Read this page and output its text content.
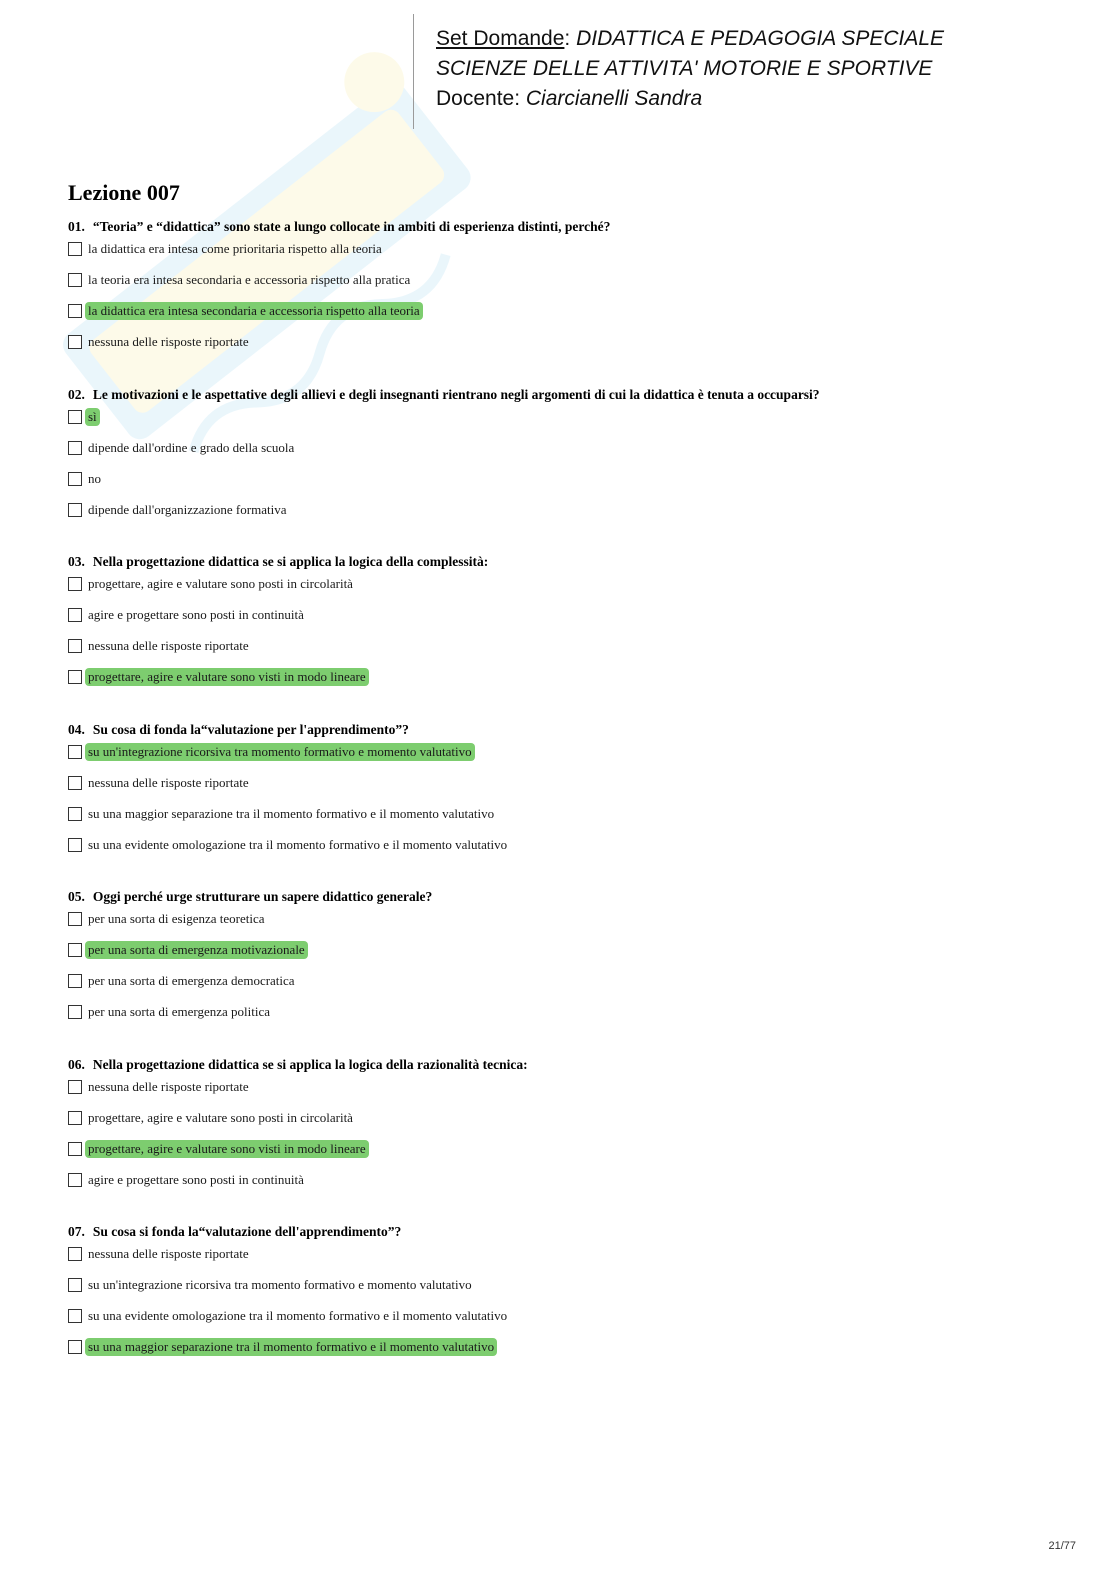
Set Domande: DIDATTICA E PEDAGOGIA SPECIALE
SCIENZE DELLE ATTIVITA' MOTORIE E SPORTIVE
Docente: Ciarcianelli Sandra
Lezione 007
01. “Teoria” e “didattica” sono state a lungo collocate in ambiti di esperienza distinti, perché?
la didattica era intesa come prioritaria rispetto alla teoria
la teoria era intesa secondaria e accessoria rispetto alla pratica
la didattica era intesa secondaria e accessoria rispetto alla teoria
nessuna delle risposte riportate
02. Le motivazioni e le aspettative degli allievi e degli insegnanti rientrano negli argomenti di cui la didattica è tenuta a occuparsi?
sì
dipende dall'ordine e grado della scuola
no
dipende dall'organizzazione formativa
03. Nella progettazione didattica se si applica la logica della complessità:
progettare, agire e valutare sono posti in circolarità
agire e progettare sono posti in continuità
nessuna delle risposte riportate
progettare, agire e valutare sono visti in modo lineare
04. Su cosa di fonda la“valutazione per l'apprendimento”?
su un'integrazione ricorsiva tra momento formativo e momento valutativo
nessuna delle risposte riportate
su una maggior separazione tra il momento formativo e il momento valutativo
su una evidente omologazione tra il momento formativo e il momento valutativo
05. Oggi perché urge strutturare un sapere didattico generale?
per una sorta di esigenza teoretica
per una sorta di emergenza motivazionale
per una sorta di emergenza democratica
per una sorta di emergenza politica
06. Nella progettazione didattica se si applica la logica della razionalità tecnica:
nessuna delle risposte riportate
progettare, agire e valutare sono posti in circolarità
progettare, agire e valutare sono visti in modo lineare
agire e progettare sono posti in continuità
07. Su cosa si fonda la“valutazione dell'apprendimento”?
nessuna delle risposte riportate
su un'integrazione ricorsiva tra momento formativo e momento valutativo
su una evidente omologazione tra il momento formativo e il momento valutativo
su una maggior separazione tra il momento formativo e il momento valutativo
21/77
